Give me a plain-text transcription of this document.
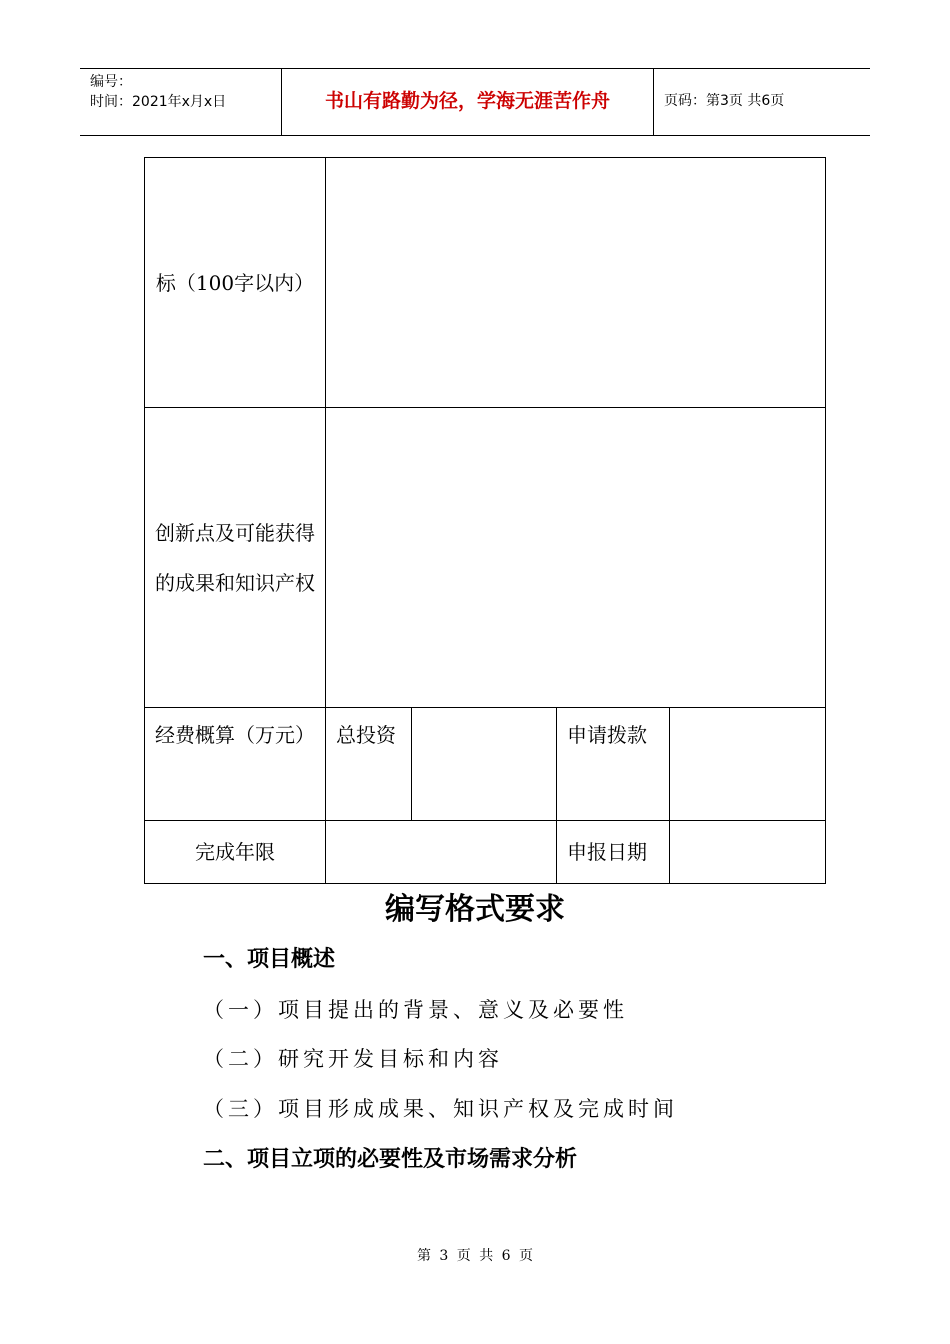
编号：
时间：2021年x月x日	书山有路勤为径，学海无涯苦作舟	页码：第3页 共6页
标（100字以内）				
创新点及可能获得的成果和知识产权				
经费概算（万元）	总投资		申请拨款	
完成年限			申报日期	
编写格式要求
一、项目概述
（一）项目提出的背景、意义及必要性
（二）研究开发目标和内容
（三）项目形成成果、知识产权及完成时间
二、项目立项的必要性及市场需求分析
第 3 页 共 6 页
